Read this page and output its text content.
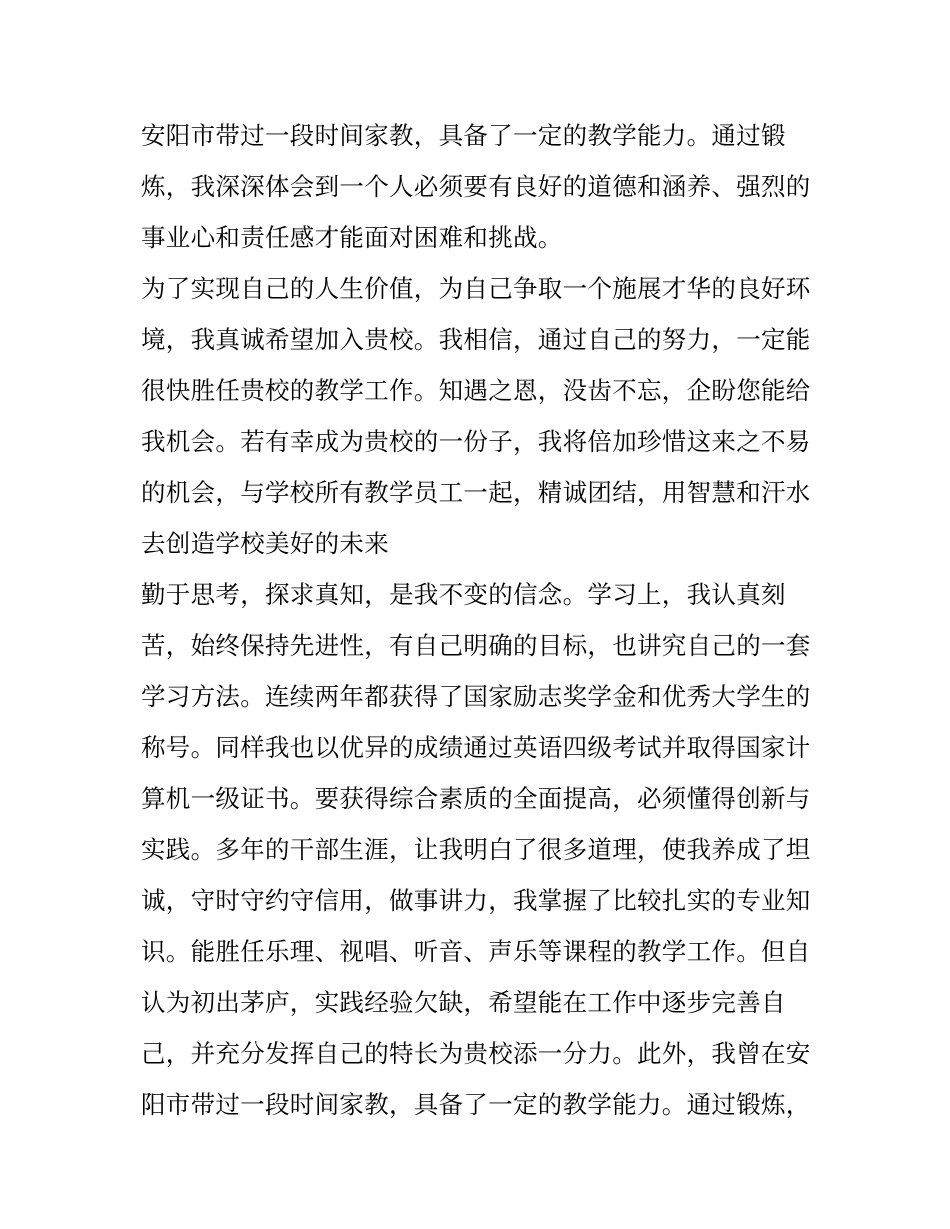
安阳市带过一段时间家教，具备了一定的教学能力。通过锻
炼，我深深体会到一个人必须要有良好的道德和涵养、强烈的
事业心和责任感才能面对困难和挑战。
为了实现自己的人生价值，为自己争取一个施展才华的良好环
境，我真诚希望加入贵校。我相信，通过自己的努力，一定能
很快胜任贵校的教学工作。知遇之恩，没齿不忘，企盼您能给
我机会。若有幸成为贵校的一份子，我将倍加珍惜这来之不易
的机会，与学校所有教学员工一起，精诚团结，用智慧和汗水
去创造学校美好的未来
勤于思考，探求真知，是我不变的信念。学习上，我认真刻
苦，始终保持先进性，有自己明确的目标，也讲究自己的一套
学习方法。连续两年都获得了国家励志奖学金和优秀大学生的
称号。同样我也以优异的成绩通过英语四级考试并取得国家计
算机一级证书。要获得综合素质的全面提高，必须懂得创新与
实践。多年的干部生涯，让我明白了很多道理，使我养成了坦
诚，守时守约守信用，做事讲力，我掌握了比较扎实的专业知
识。能胜任乐理、视唱、听音、声乐等课程的教学工作。但自
认为初出茅庐，实践经验欠缺，希望能在工作中逐步完善自
己，并充分发挥自己的特长为贵校添一分力。此外，我曾在安
阳市带过一段时间家教，具备了一定的教学能力。通过锻炼，
